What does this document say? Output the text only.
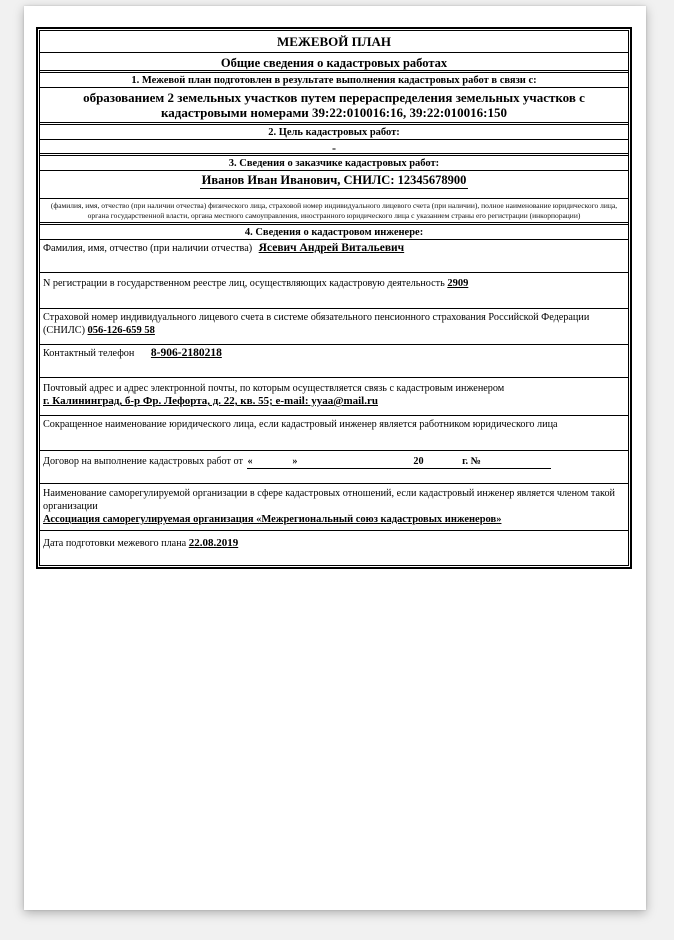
МЕЖЕВОЙ ПЛАН
Общие сведения о кадастровых работах
1. Межевой план подготовлен в результате выполнения кадастровых работ в связи с:
образованием 2 земельных участков путем перераспределения земельных участков с кадастровыми номерами 39:22:010016:16, 39:22:010016:150
2. Цель кадастровых работ:
-
3. Сведения о заказчике кадастровых работ:
Иванов Иван Иванович, СНИЛС: 12345678900
(фамилия, имя, отчество (при наличии отчества) физического лица, страховой номер индивидуального лицевого счета (при наличии), полное наименование юридического лица, органа государственной власти, органа местного самоуправления, иностранного юридического лица с указанием страны его регистрации (инкорпорации)
4. Сведения о кадастровом инженере:
Фамилия, имя, отчество (при наличии отчества) Ясевич Андрей Витальевич
N регистрации в государственном реестре лиц, осуществляющих кадастровую деятельность 2909
Страховой номер индивидуального лицевого счета в системе обязательного пенсионного страхования Российской Федерации (СНИЛС) 056-126-659 58
Контактный телефон 8-906-2180218
Почтовый адрес и адрес электронной почты, по которым осуществляется связь с кадастровым инженером
г. Калининград, б-р Фр. Лефорта, д. 22, кв. 55; e-mail: yyaa@mail.ru
Сокращенное наименование юридического лица, если кадастровый инженер является работником юридического лица
Договор на выполнение кадастровых работ от «	»	20	г. №
Наименование саморегулируемой организации в сфере кадастровых отношений, если кадастровый инженер является членом такой организации
Ассоциация саморегулируемая организация «Межрегиональный союз кадастровых инженеров»
Дата подготовки межевого плана 22.08.2019
